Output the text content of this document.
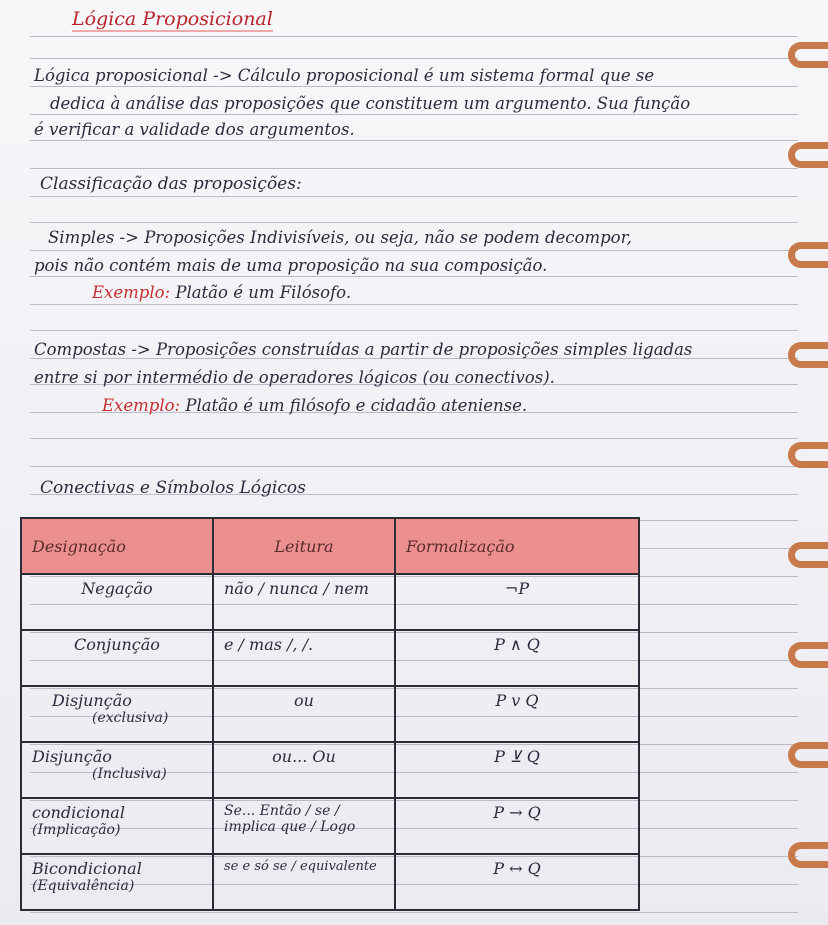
Lógica Proposicional
Lógica proposicional -> Cálculo proposicional é um sistema formal que se
dedica à análise das proposições que constituem um argumento. Sua função
é verificar a validade dos argumentos.
Classificação das proposições:
Simples -> Proposições Indivisíveis, ou seja, não se podem decompor,
pois não contém mais de uma proposição na sua composição.
Exemplo: Platão é um Filósofo.
Compostas -> Proposições construídas a partir de proposições simples ligadas
entre si por intermédio de operadores lógicos (ou conectivos).
Exemplo: Platão é um filósofo e cidadão ateniense.
Conectivas e Símbolos Lógicos
Designação	Leitura	Formalização
Negação	não / nunca / nem	¬P
Conjunção	e / mas /, /.	P ∧ Q
Disjunção
(exclusiva)	ou	P v Q
Disjunção
(Inclusiva)	ou... Ou	P ⊻ Q
condicional
(Implicação)	Se... Então / se / implica que / Logo	P → Q
Bicondicional
(Equivalência)	se e só se / equivalente	P ↔ Q
